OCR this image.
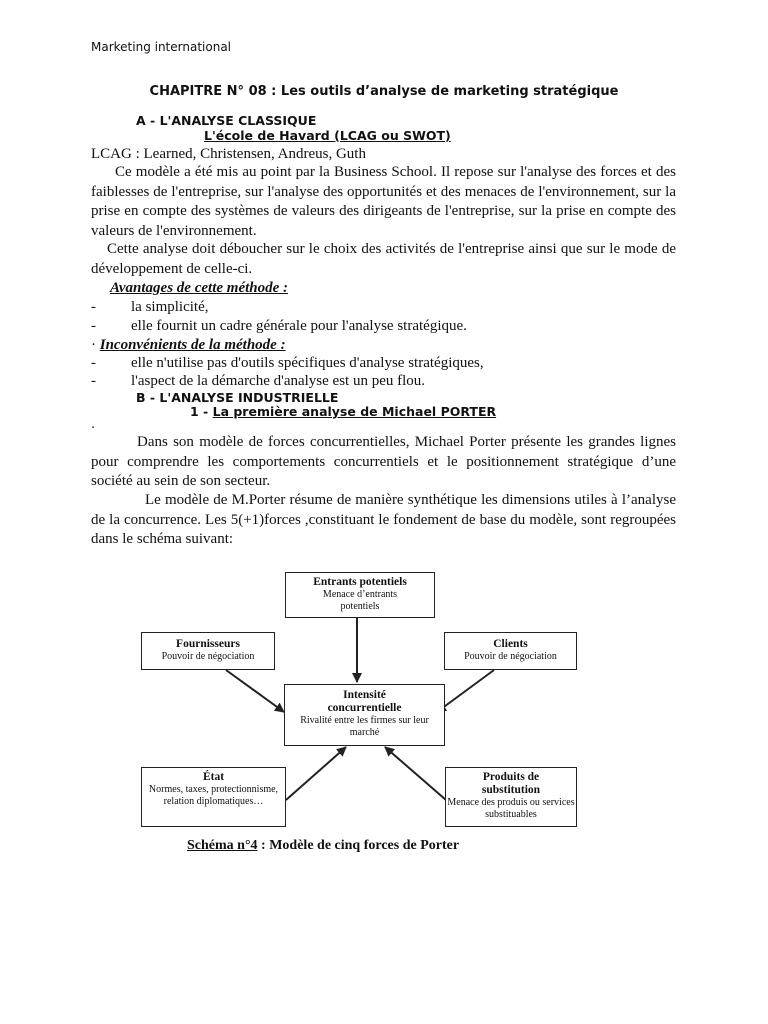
Marketing international
CHAPITRE N° 08 : Les outils d’analyse de marketing stratégique
A - L'ANALYSE CLASSIQUE
L'école de Havard (LCAG ou SWOT)
LCAG : Learned, Christensen, Andreus, Guth
Ce modèle a été mis au point par la Business School. Il repose sur l'analyse des forces et des faiblesses de l'entreprise, sur l'analyse des opportunités et des menaces de l'environnement, sur la prise en compte des systèmes de valeurs des dirigeants de l'entreprise, sur la prise en compte des valeurs de l'environnement.
Cette analyse doit déboucher sur le choix des activités de l'entreprise ainsi que sur le mode de développement de celle-ci.
Avantages de cette méthode :
- la simplicité,
- elle fournit un cadre générale pour l'analyse stratégique.
· Inconvénients de la méthode :
- elle n'utilise pas d'outils spécifiques d'analyse stratégiques,
- l'aspect de la démarche d'analyse est un peu flou.
B - L'ANALYSE INDUSTRIELLE
1 - La première analyse de Michael PORTER
.
Dans son modèle de forces concurrentielles, Michael Porter présente les grandes lignes pour comprendre les comportements concurrentiels et le positionnement stratégique d’une société au sein de son secteur.
Le modèle de M.Porter résume de manière synthétique les dimensions utiles à l’analyse de la concurrence. Les 5(+1)forces ,constituant le fondement de base du modèle, sont regroupées dans le schéma suivant:
Entrants potentiels
Menace d’entrants potentiels
Fournisseurs
Pouvoir de négociation
Clients
Pouvoir de négociation
Intensité concurrentielle
Rivalité entre les firmes sur leur marché
État
Normes, taxes, protectionnisme, relation diplomatiques…
Produits de substitution
Menace des produis ou services substituables
Schéma n°4 : Modèle de cinq forces de Porter
